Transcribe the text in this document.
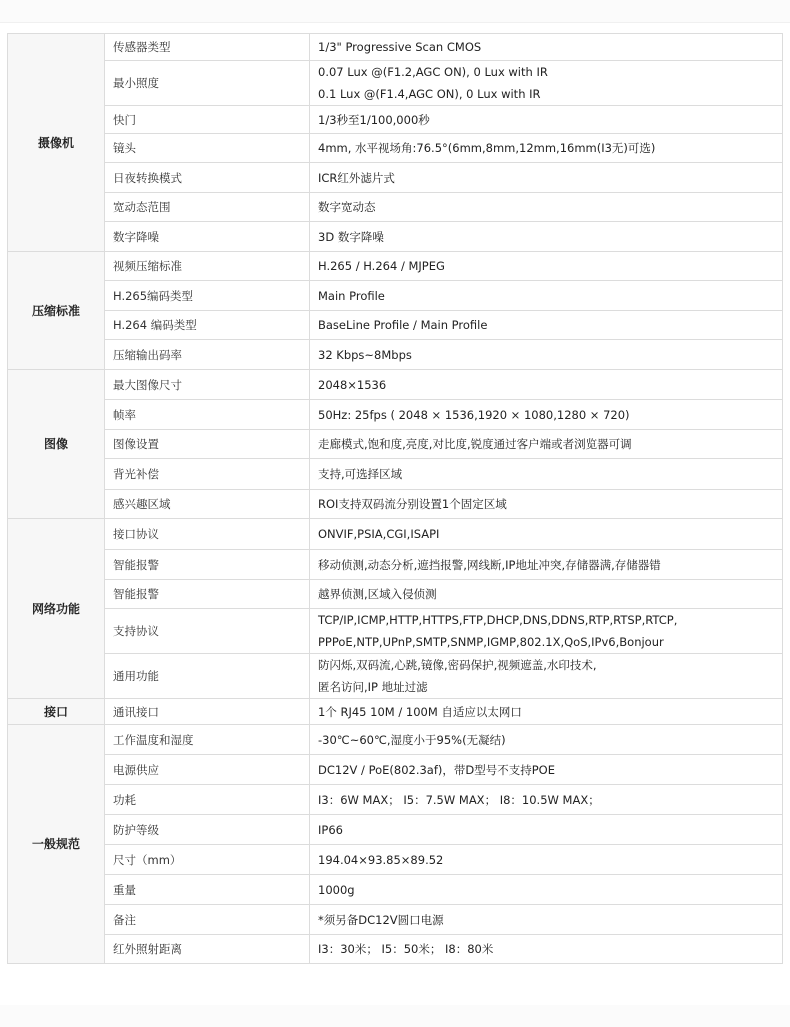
摄像机	传感器类型	1/3" Progressive Scan CMOS

	最小照度	0.07 Lux @(F1.2,AGC ON), 0 Lux with IR
0.1 Lux @(F1.4,AGC ON), 0 Lux with IR

	快门	1/3秒至1/100,000秒

	镜头	4mm, 水平视场角:76.5°(6mm,8mm,12mm,16mm(I3无)可选)

	日夜转换模式	ICR红外滤片式

	宽动态范围	数字宽动态

	数字降噪	3D 数字降噪

压缩标准	视频压缩标准	H.265 / H.264 / MJPEG

	H.265编码类型	Main Profile

	H.264 编码类型	BaseLine Profile / Main Profile

	压缩输出码率	32 Kbps~8Mbps

图像	最大图像尺寸	2048×1536

	帧率	50Hz: 25fps ( 2048 × 1536,1920 × 1080,1280 × 720)

	图像设置	走廊模式,饱和度,亮度,对比度,锐度通过客户端或者浏览器可调

	背光补偿	支持,可选择区域

	感兴趣区域	ROI支持双码流分别设置1个固定区域

网络功能	接口协议	ONVIF,PSIA,CGI,ISAPI

	智能报警	移动侦测,动态分析,遮挡报警,网线断,IP地址冲突,存储器满,存储器错

	智能报警	越界侦测,区域入侵侦测

	支持协议	TCP/IP,ICMP,HTTP,HTTPS,FTP,DHCP,DNS,DDNS,RTP,RTSP,RTCP,
PPPoE,NTP,UPnP,SMTP,SNMP,IGMP,802.1X,QoS,IPv6,Bonjour

	通用功能	防闪烁,双码流,心跳,镜像,密码保护,视频遮盖,水印技术,
匿名访问,IP 地址过滤

接口	通讯接口	1个 RJ45 10M / 100M 自适应以太网口

一般规范	工作温度和湿度	-30℃~60℃,湿度小于95%(无凝结)

	电源供应	DC12V / PoE(802.3af)，带D型号不支持POE

	功耗	I3：6W MAX； I5：7.5W MAX； I8：10.5W MAX；

	防护等级	IP66

	尺寸（mm）	194.04×93.85×89.52

	重量	1000g

	备注	*须另备DC12V圆口电源

	红外照射距离	I3：30米； I5：50米； I8：80米
